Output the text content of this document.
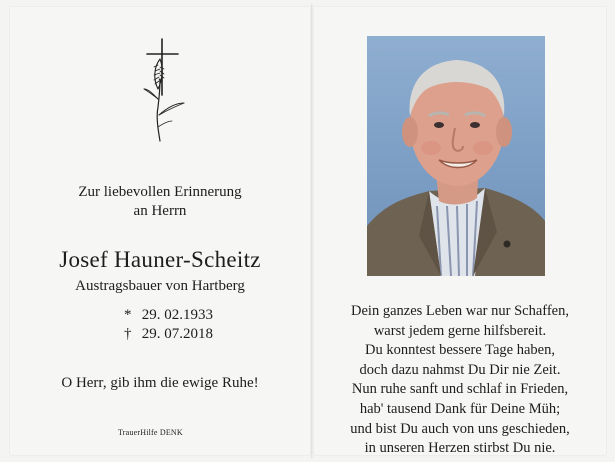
Zur liebevollen Erinnerung
an Herrn
Josef Hauner-Scheitz
Austragsbauer von Hartberg
* 29. 02.1933
† 29. 07.2018
O Herr, gib ihm die ewige Ruhe!
TrauerHilfe DENK
Dein ganzes Leben war nur Schaffen,
warst jedem gerne hilfsbereit.
Du konntest bessere Tage haben,
doch dazu nahmst Du Dir nie Zeit.
Nun ruhe sanft und schlaf in Frieden,
hab' tausend Dank für Deine Müh;
und bist Du auch von uns geschieden,
in unseren Herzen stirbst Du nie.
